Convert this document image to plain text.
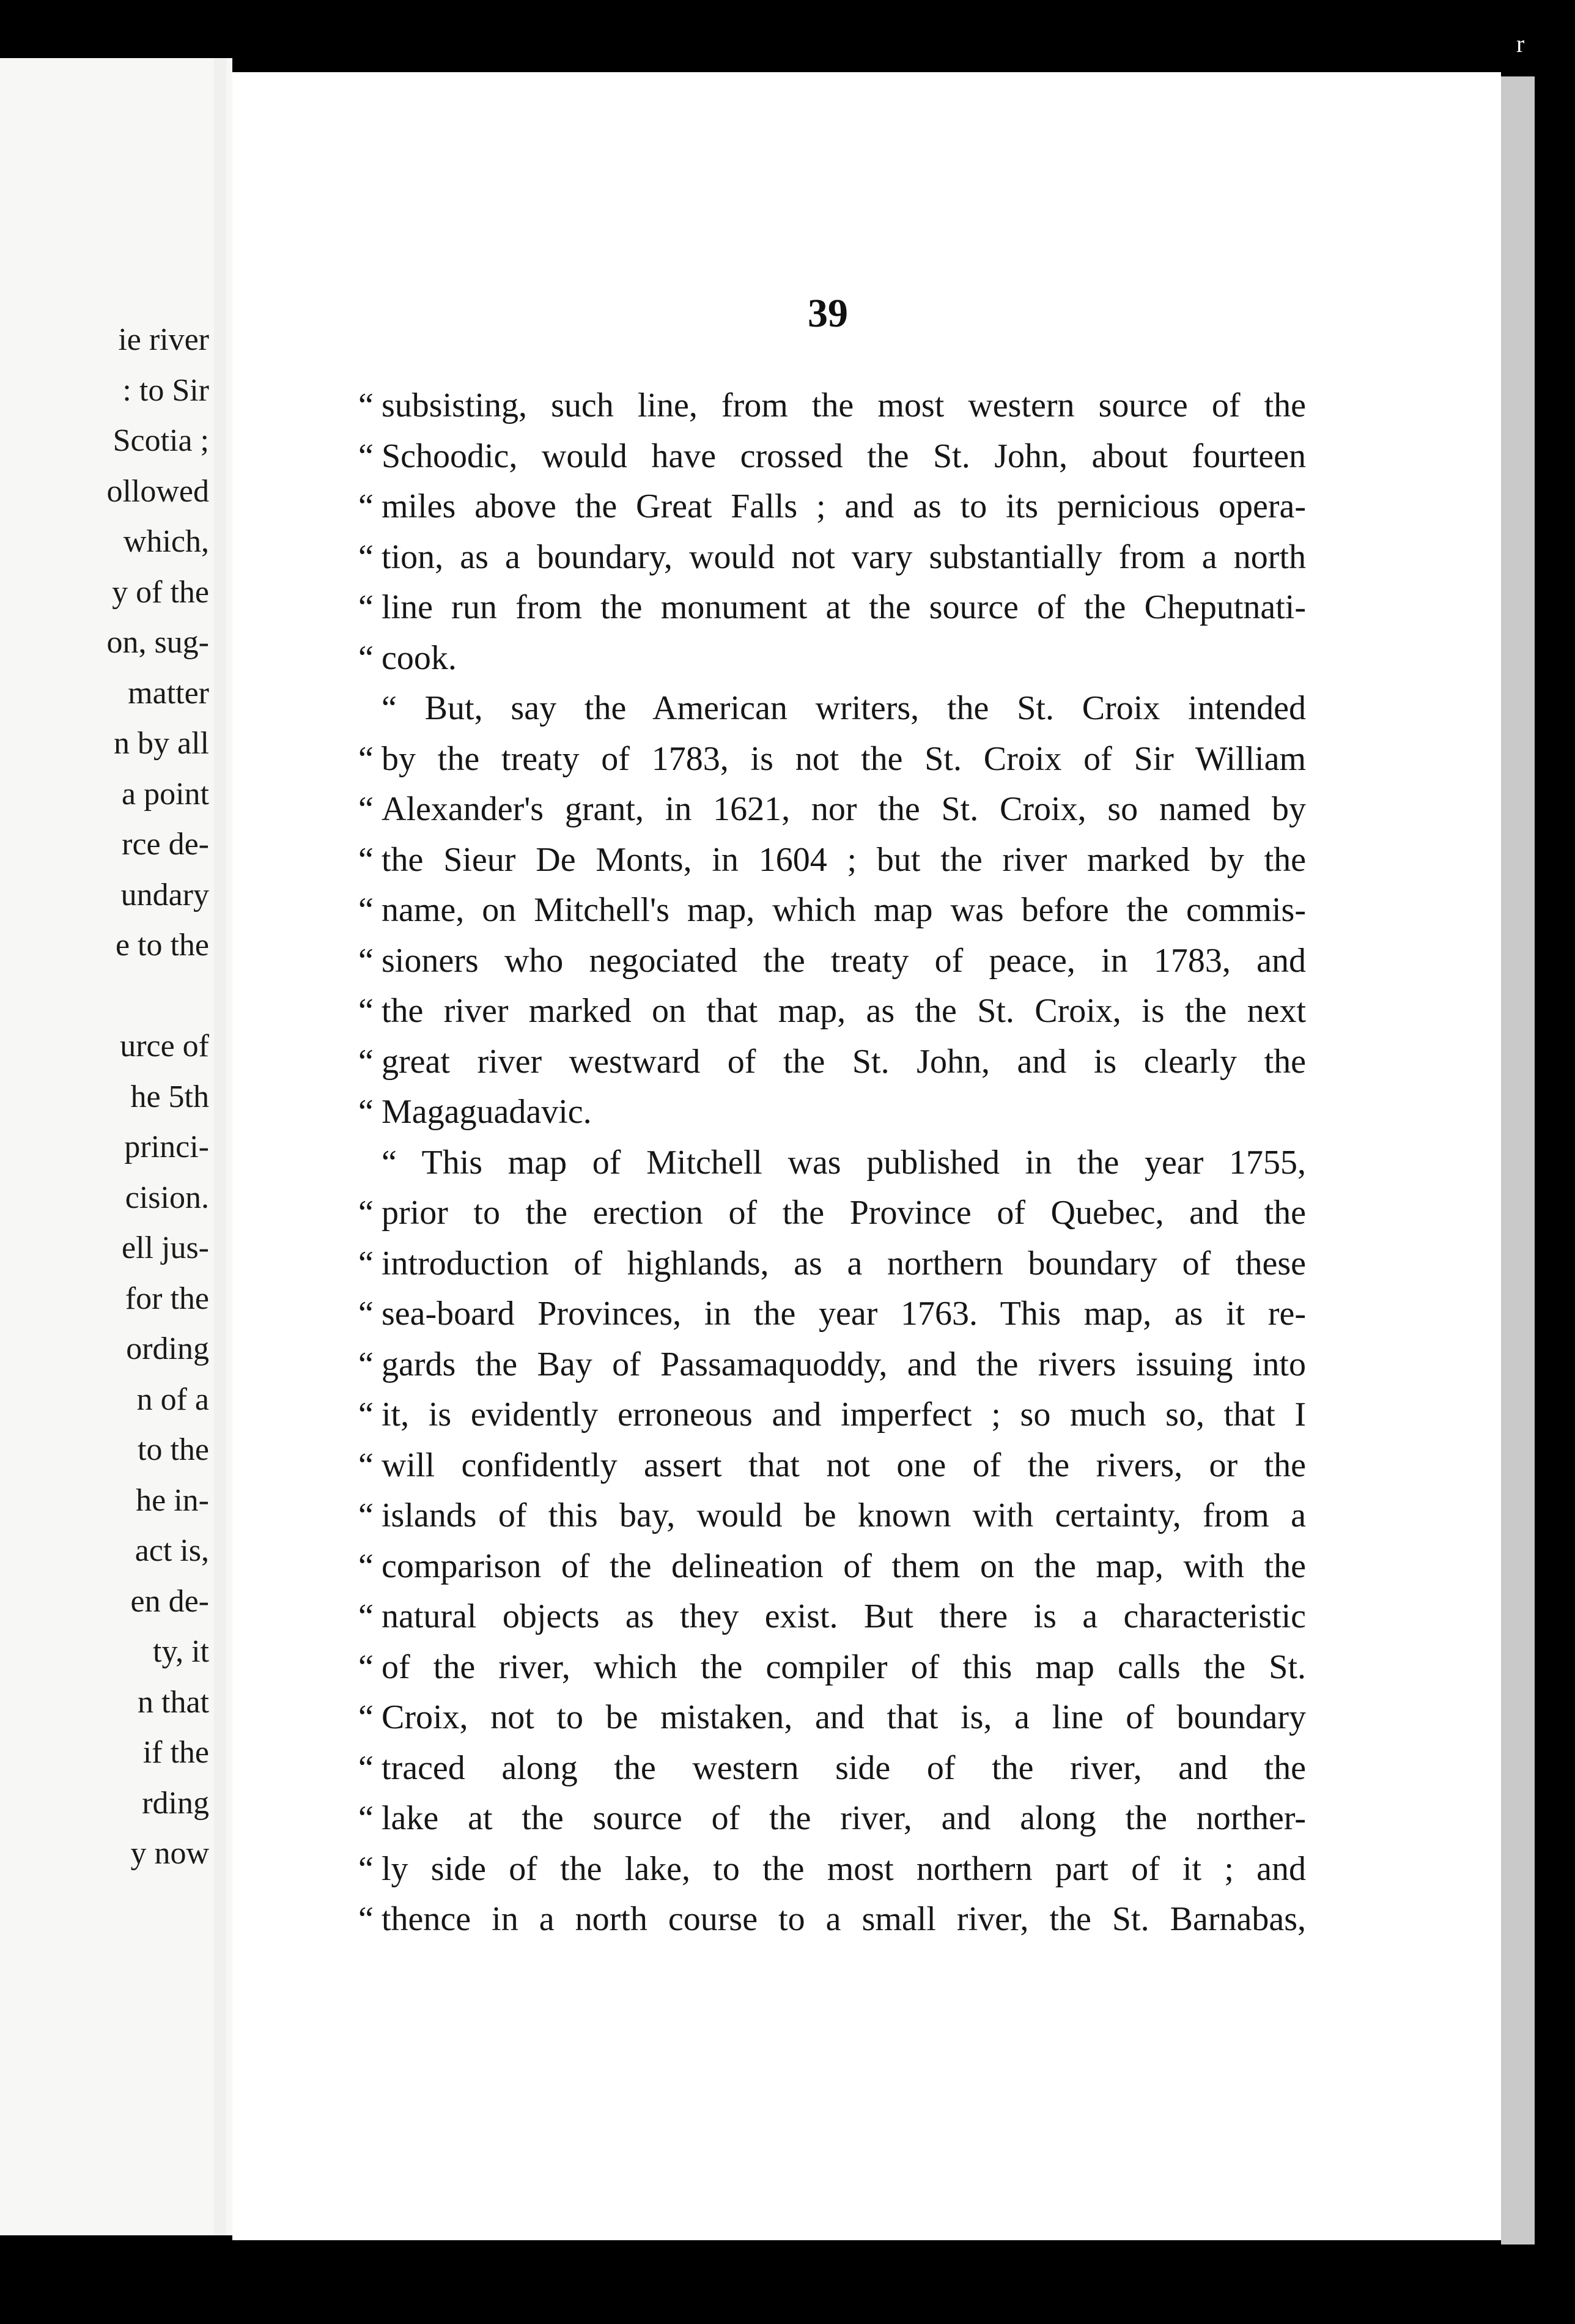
r
ie river
: to Sir
Scotia ;
ollowed
which,
y of the
on, sug-
matter
n by all
a point
rce de-
undary
e to the
urce of
he 5th
princi-
cision.
ell jus-
for the
ording
n of a
to the
he in-
act is,
en de-
ty, it
n that
if the
rding
y now
39
“ subsisting, such line, from the most western source of the
“ Schoodic, would have crossed the St. John, about fourteen
“ miles above the Great Falls ; and as to its pernicious opera-
“ tion, as a boundary, would not vary substantially from a north
“ line run from the monument at the source of the Cheputnati-
“ cook.
“ But, say the American writers, the St. Croix intended
“ by the treaty of 1783, is not the St. Croix of Sir William
“ Alexander's grant, in 1621, nor the St. Croix, so named by
“ the Sieur De Monts, in 1604 ; but the river marked by the
“ name, on Mitchell's map, which map was before the commis-
“ sioners who negociated the treaty of peace, in 1783, and
“ the river marked on that map, as the St. Croix, is the next
“ great river westward of the St. John, and is clearly the
“ Magaguadavic.
“ This map of Mitchell was published in the year 1755,
“ prior to the erection of the Province of Quebec, and the
“ introduction of highlands, as a northern boundary of these
“ sea-board Provinces, in the year 1763. This map, as it re-
“ gards the Bay of Passamaquoddy, and the rivers issuing into
“ it, is evidently erroneous and imperfect ; so much so, that I
“ will confidently assert that not one of the rivers, or the
“ islands of this bay, would be known with certainty, from a
“ comparison of the delineation of them on the map, with the
“ natural objects as they exist. But there is a characteristic
“ of the river, which the compiler of this map calls the St.
“ Croix, not to be mistaken, and that is, a line of boundary
“ traced along the western side of the river, and the
“ lake at the source of the river, and along the norther-
“ ly side of the lake, to the most northern part of it ; and
“ thence in a north course to a small river, the St. Barnabas,
